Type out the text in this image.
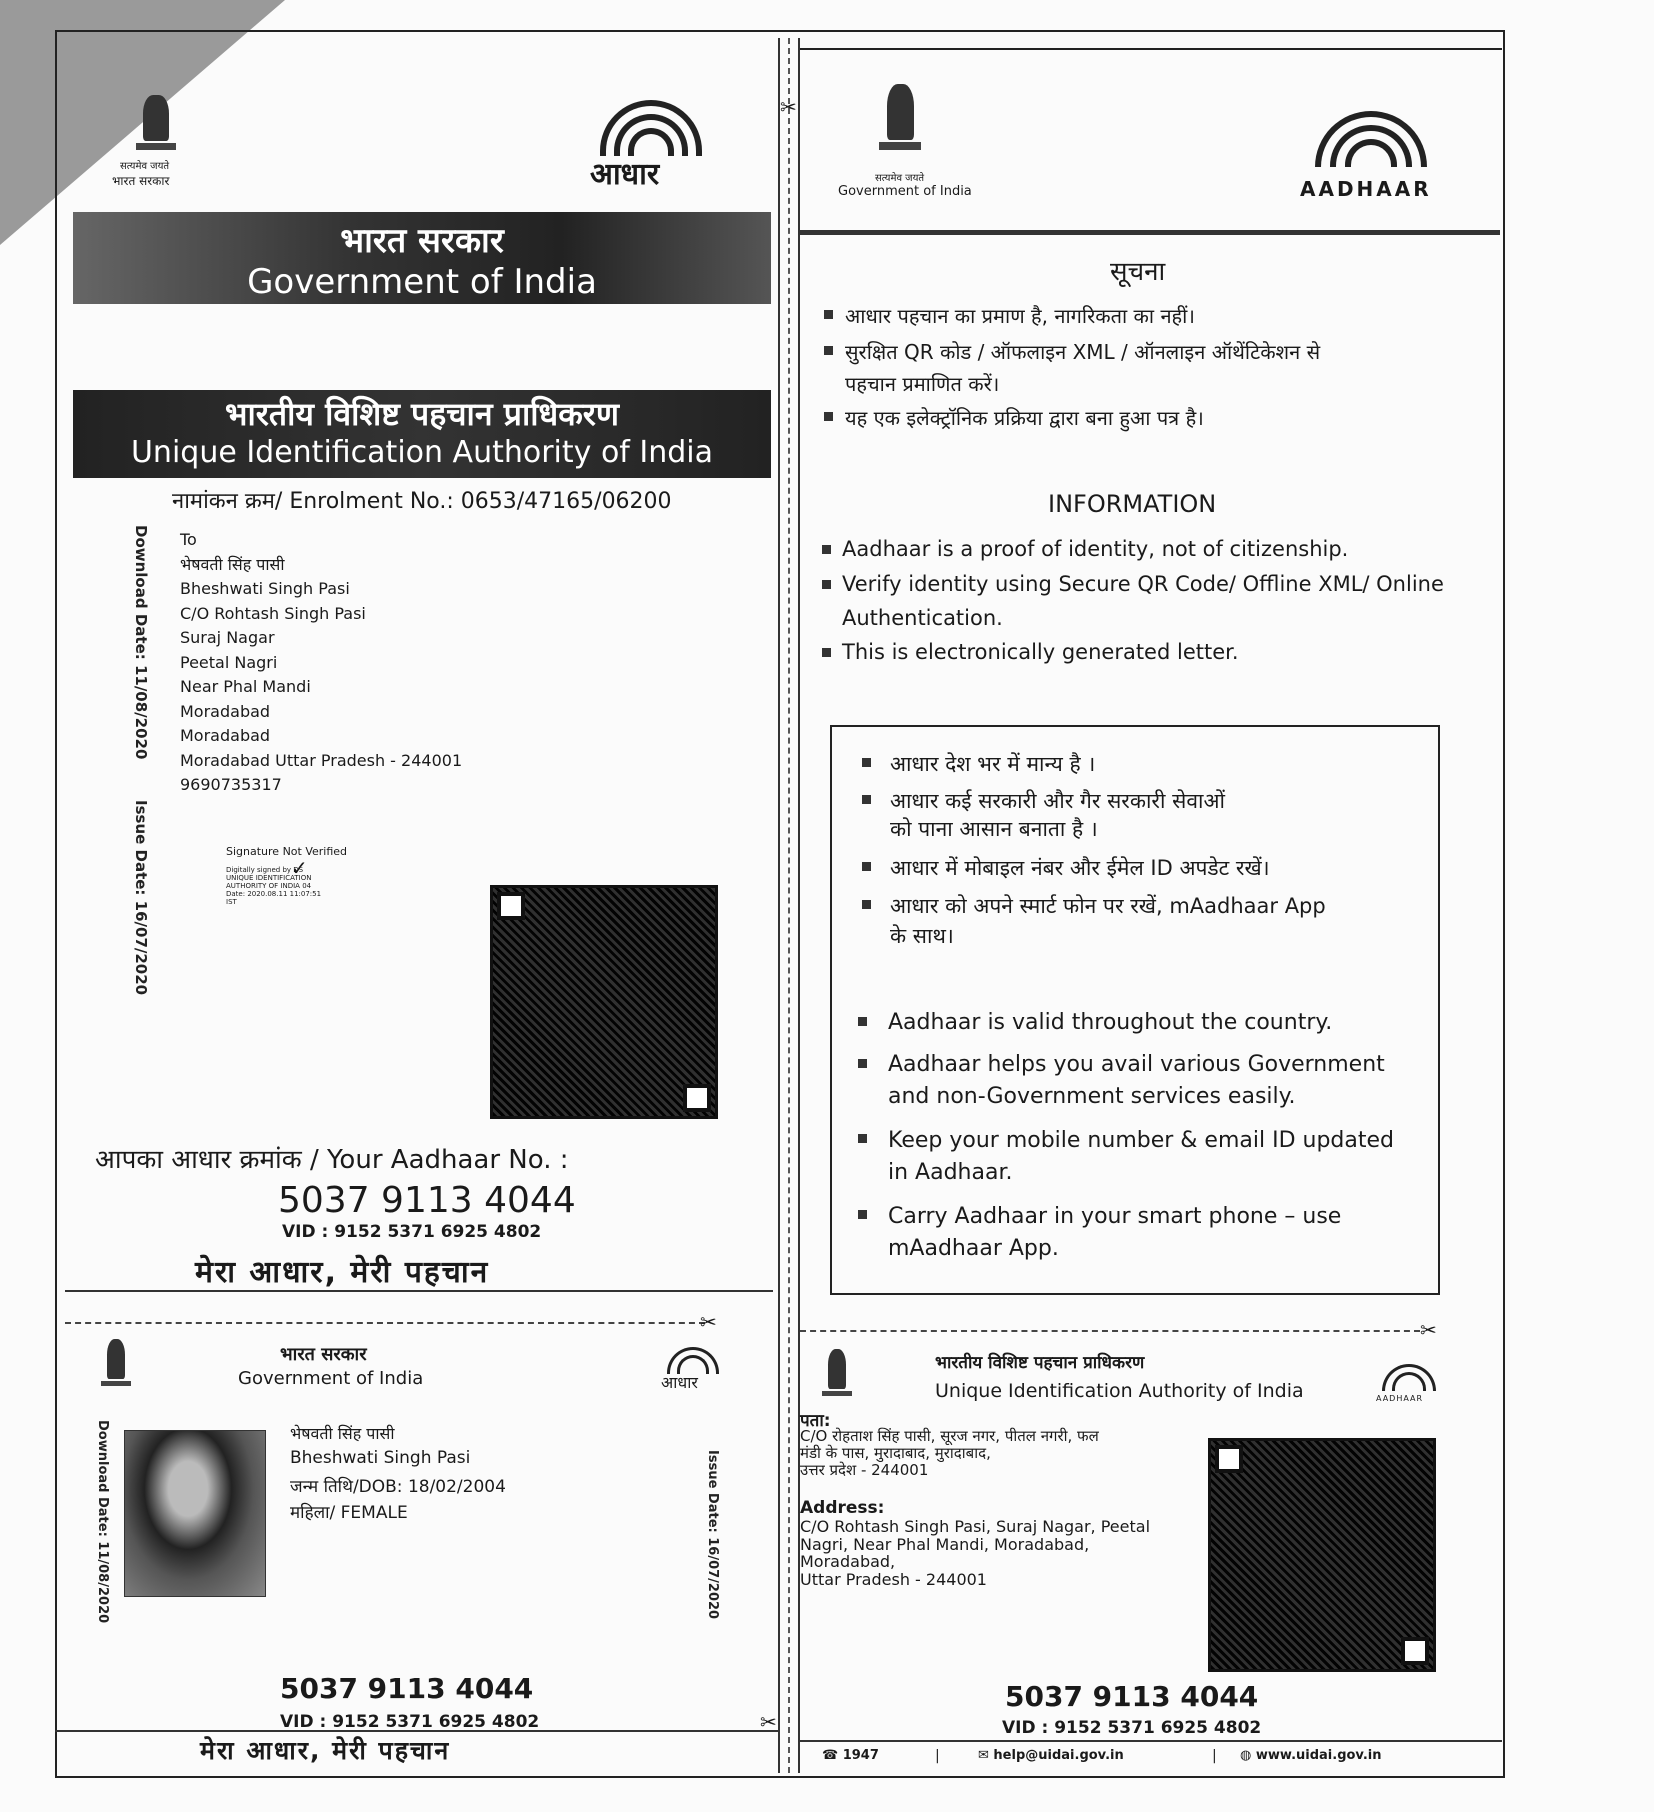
✂
✂
सत्यमेव जयते
भारत सरकार	आधार
भारत सरकार
Government of India
भारतीय विशिष्ट पहचान प्राधिकरण
Unique Identification Authority of India
नामांकन क्रम/ Enrolment No.: 0653/47165/06200
Download Date: 11/08/2020
Issue Date: 16/07/2020
To
भेषवती सिंह पासी
Bheshwati Singh Pasi
C/O Rohtash Singh Pasi
Suraj Nagar
Peetal Nagri
Near Phal Mandi
Moradabad
Moradabad
Moradabad Uttar Pradesh - 244001
9690735317
Signature Not Verified
✓
Digitally signed by DS
UNIQUE IDENTIFICATION
AUTHORITY OF INDIA 04
Date: 2020.08.11 11:07:51
IST
आपका आधार क्रमांक / Your Aadhaar No. :
5037 9113 4044
VID : 9152 5371 6925 4802
मेरा आधार, मेरी पहचान
✂
सत्यमेव जयते
Government of India	AADHAAR
सूचना
आधार पहचान का प्रमाण है, नागरिकता का नहीं।
सुरक्षित QR कोड / ऑफलाइन XML / ऑनलाइन ऑथेंटिकेशन से
पहचान प्रमाणित करें।
यह एक इलेक्ट्रॉनिक प्रक्रिया द्वारा बना हुआ पत्र है।
INFORMATION
Aadhaar is a proof of identity, not of citizenship.
Verify identity using Secure QR Code/ Offline XML/ Online
Authentication.
This is electronically generated letter.
आधार देश भर में मान्य है ।
आधार कई सरकारी और गैर सरकारी सेवाओं
को पाना आसान बनाता है ।
आधार में मोबाइल नंबर और ईमेल ID अपडेट रखें।
आधार को अपने स्मार्ट फोन पर रखें, mAadhaar App
के साथ।
Aadhaar is valid throughout the country.
Aadhaar helps you avail various Government
and non-Government services easily.
Keep your mobile number & email ID updated
in Aadhaar.
Carry Aadhaar in your smart phone – use
mAadhaar App.
✂
भारत सरकार
Government of India	आधार
Download Date: 11/08/2020	Issue Date: 16/07/2020
भेषवती सिंह पासी
Bheshwati Singh Pasi
जन्म तिथि/DOB: 18/02/2004
महिला/ FEMALE
5037 9113 4044
VID : 9152 5371 6925 4802
मेरा आधार, मेरी पहचान
भारतीय विशिष्ट पहचान प्राधिकरण
Unique Identification Authority of India	AADHAAR
पता:
C/O रोहताश सिंह पासी, सूरज नगर, पीतल नगरी, फल
मंडी के पास, मुरादाबाद, मुरादाबाद,
उत्तर प्रदेश - 244001
Address:
C/O Rohtash Singh Pasi, Suraj Nagar, Peetal
Nagri, Near Phal Mandi, Moradabad,
Moradabad,
Uttar Pradesh - 244001
5037 9113 4044
VID : 9152 5371 6925 4802
☎ 1947	|	✉ help@uidai.gov.in	| ◍ www.uidai.gov.in
